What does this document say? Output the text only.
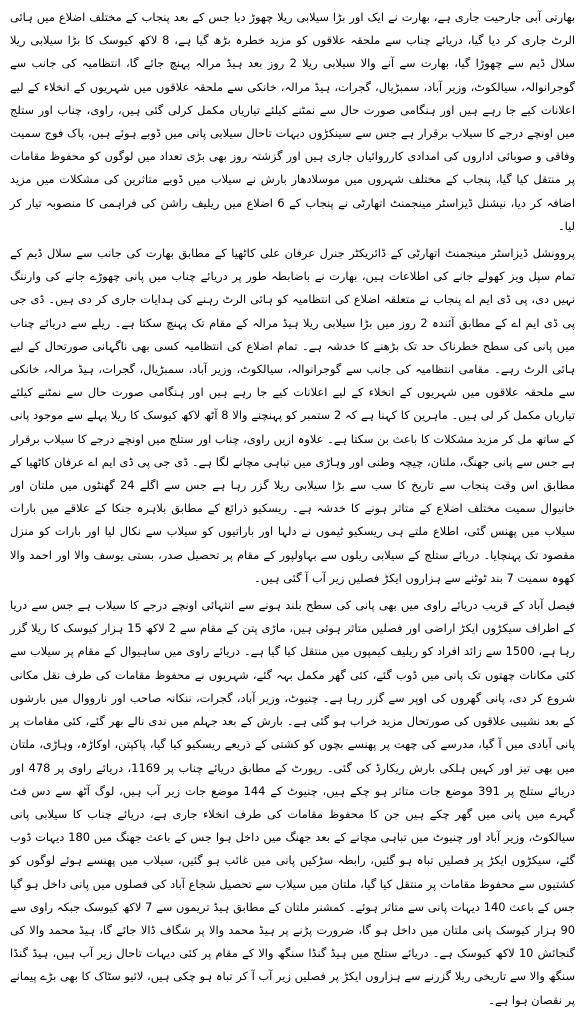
بھارتی آبی جارحیت جاری ہے، بھارت نے ایک اور بڑا سیلابی ریلا چھوڑ دیا جس کے بعد پنجاب کے مختلف اضلاع میں ہائی الرٹ جاری کر دیا گیا، دریائے چناب سے ملحقہ علاقوں کو مزید خطرہ بڑھ گیا ہے، 8 لاکھ کیوسک کا بڑا سیلابی ریلا سلال ڈیم سے چھوڑا گیا، بھارت سے آنے والا سیلابی ریلا 2 روز بعد ہیڈ مرالہ پہنچ جائے گا، انتظامیہ کی جانب سے گوجرانوالہ، سیالکوٹ، وزیر آباد، سمبڑیال، گجرات، ہیڈ مرالہ، خانکی سے ملحقہ علاقوں میں شہریوں کے انخلاء کے لیے اعلانات کیے جا رہے ہیں اور ہنگامی صورت حال سے نمٹنے کیلئے تیاریاں مکمل کرلی گئی ہیں، راوی، چناب اور ستلج میں اونچے درجے کا سیلاب برقرار ہے جس سے سینکڑوں دیہات تاحال سیلابی پانی میں ڈوبے ہوئے ہیں، پاک فوج سمیت وفاقی و صوبائی اداروں کی امدادی کارروائیاں جاری ہیں اور گزشتہ روز بھی بڑی تعداد میں لوگوں کو محفوظ مقامات پر منتقل کیا گیا، پنجاب کے مختلف شہروں میں موسلادھار بارش نے سیلاب میں ڈوبے متاثرین کی مشکلات میں مزید اضافہ کر دیا، نیشنل ڈیزاسٹر مینجمنٹ اتھارٹی نے پنجاب کے 6 اضلاع میں ریلیف راشن کی فراہمی کا منصوبہ تیار کر لیا۔

پروونشل ڈیزاسٹر مینجمنٹ اتھارٹی کے ڈائریکٹر جنرل عرفان علی کاٹھیا کے مطابق بھارت کی جانب سے سلال ڈیم کے تمام سپل ویز کھولے جانے کی اطلاعات ہیں، بھارت نے باضابطہ طور پر دریائے چناب میں پانی چھوڑے جانے کی وارننگ نہیں دی، پی ڈی ایم اے پنجاب نے متعلقہ اضلاع کی انتظامیہ کو ہائی الرٹ رہنے کی ہدایات جاری کر دی ہیں۔ ڈی جی پی ڈی ایم اے کے مطابق آئندہ 2 روز میں بڑا سیلابی ریلا ہیڈ مرالہ کے مقام تک پہنچ سکتا ہے۔ ریلے سے دریائے چناب میں پانی کی سطح خطرناک حد تک بڑھنے کا خدشہ ہے۔ تمام اضلاع کی انتظامیہ کسی بھی ناگہانی صورتحال کے لیے ہائی الرٹ رہے۔ مقامی انتظامیہ کی جانب سے گوجرانوالہ، سیالکوٹ، وزیر آباد، سمبڑیال، گجرات، ہیڈ مرالہ، خانکی سے ملحقہ علاقوں میں شہریوں کے انخلاء کے لیے اعلانات کیے جا رہے ہیں اور ہنگامی صورت حال سے نمٹنے کیلئے تیاریاں مکمل کر لی ہیں۔ ماہرین کا کہنا ہے کہ 2 ستمبر کو پہنچنے والا 8 آٹھ لاکھ کیوسک کا ریلا پہلے سے موجود پانی کے ساتھ مل کر مزید مشکلات کا باعث بن سکتا ہے۔ علاوہ ازیں راوی، چناب اور ستلج میں اونچے درجے کا سیلاب برقرار ہے جس سے پانی جھنگ، ملتان، چیچہ وطنی اور وہاڑی میں تباہی مچانے لگا ہے۔ ڈی جی پی ڈی ایم اے عرفان کاٹھیا کے مطابق اس وقت پنجاب سے تاریخ کا سب سے بڑا سیلابی ریلا گزر رہا ہے جس سے اگلے 24 گھنٹوں میں ملتان اور خانیوال سمیت مختلف اضلاع کے متاثر ہونے کا خدشہ ہے۔ ریسکیو ذرائع کے مطابق بلاہرہ جنکا کے علاقے میں بارات سیلاب میں پھنس گئی، اطلاع ملتے ہی ریسکیو ٹیموں نے دلہا اور باراتیوں کو سیلاب سے نکال لیا اور بارات کو منزل مقصود تک پہنچایا۔ دریائے ستلج کے سیلابی ریلوں سے بہاولپور کے مقام پر تحصیل صدر، بستی یوسف والا اور احمد والا کھوہ سمیت 7 بند ٹوٹنے سے ہزاروں ایکڑ فصلیں زیر آب آ گئی ہیں۔

فیصل آباد کے قریب دریائے راوی میں بھی پانی کی سطح بلند ہونے سے انتہائی اونچے درجے کا سیلاب ہے جس سے دریا کے اطراف سیکڑوں ایکڑ اراضی اور فصلیں متاثر ہوئی ہیں، ماڑی پتن کے مقام سے 2 لاکھ 15 ہزار کیوسک کا ریلا گزر رہا ہے، 1500 سے زائد افراد کو ریلیف کیمپوں میں منتقل کیا گیا ہے۔ دریائے راوی میں ساہیوال کے مقام پر سیلاب سے کئی مکانات چھتوں تک پانی میں ڈوب گئے، کئی گھر مکمل بہہ گئے، شہریوں نے محفوظ مقامات کی طرف نقل مکانی شروع کر دی، پانی گھروں کی اوپر سے گزر رہا ہے۔ چنیوٹ، وزیر آباد، گجرات، ننکانہ صاحب اور نارووال میں بارشوں کے بعد نشیبی علاقوں کی صورتحال مزید خراب ہو گئی ہے۔ بارش کے بعد جہلم میں ندی نالے بھر گئے، کئی مقامات پر پانی آبادی میں آ گیا، مدرسے کی چھت پر پھنسے بچوں کو کشتی کے ذریعے ریسکیو کیا گیا، پاکپتن، اوکاڑہ، وہاڑی، ملتان میں بھی تیز اور کہیں ہلکی بارش ریکارڈ کی گئی۔ رپورٹ کے مطابق دریائے چناب پر 1169، دریائے راوی پر 478 اور دریائے ستلج پر 391 موضع جات متاثر ہو چکے ہیں، چنیوٹ کے 144 موضع جات زیر آب ہیں، لوگ آٹھ سے دس فٹ گہرے میں پانی میں گھر چکے ہیں جن کا محفوظ مقامات کی طرف انخلاء جاری ہے، دریائے چناب کا سیلابی پانی سیالکوٹ، وزیر آباد اور چنیوٹ میں تباہی مچانے کے بعد جھنگ میں داخل ہوا جس کے باعث جھنگ میں 180 دیہات ڈوب گئے، سیکڑوں ایکڑ پر فصلیں تباہ ہو گئیں، رابطہ سڑکیں پانی میں غائب ہو گئیں، سیلاب میں پھنسے ہوئے لوگوں کو کشتیوں سے محفوظ مقامات پر منتقل کیا گیا، ملتان میں سیلاب سے تحصیل شجاع آباد کی فصلوں میں پانی داخل ہو گیا جس کے باعث 140 دیہات پانی سے متاثر ہوئے۔ کمشنر ملتان کے مطابق ہیڈ تریموں سے 7 لاکھ کیوسک جبکہ راوی سے 90 ہزار کیوسک پانی ملتان میں داخل ہو گا، ضرورت پڑنے پر ہیڈ محمد والا پر شگاف ڈالا جائے گا، ہیڈ محمد والا کی گنجائش 10 لاکھ کیوسک ہے۔ دریائے ستلج میں ہیڈ گنڈا سنگھ والا کے مقام پر کئی دیہات تاحال زیر آب ہیں، ہیڈ گنڈا سنگھ والا سے تاریخی ریلا گزرنے سے ہزاروں ایکڑ پر فصلیں زیر آب آ کر تباہ ہو چکی ہیں، لائیو سٹاک کا بھی بڑے پیمانے پر نقصان ہوا ہے۔
